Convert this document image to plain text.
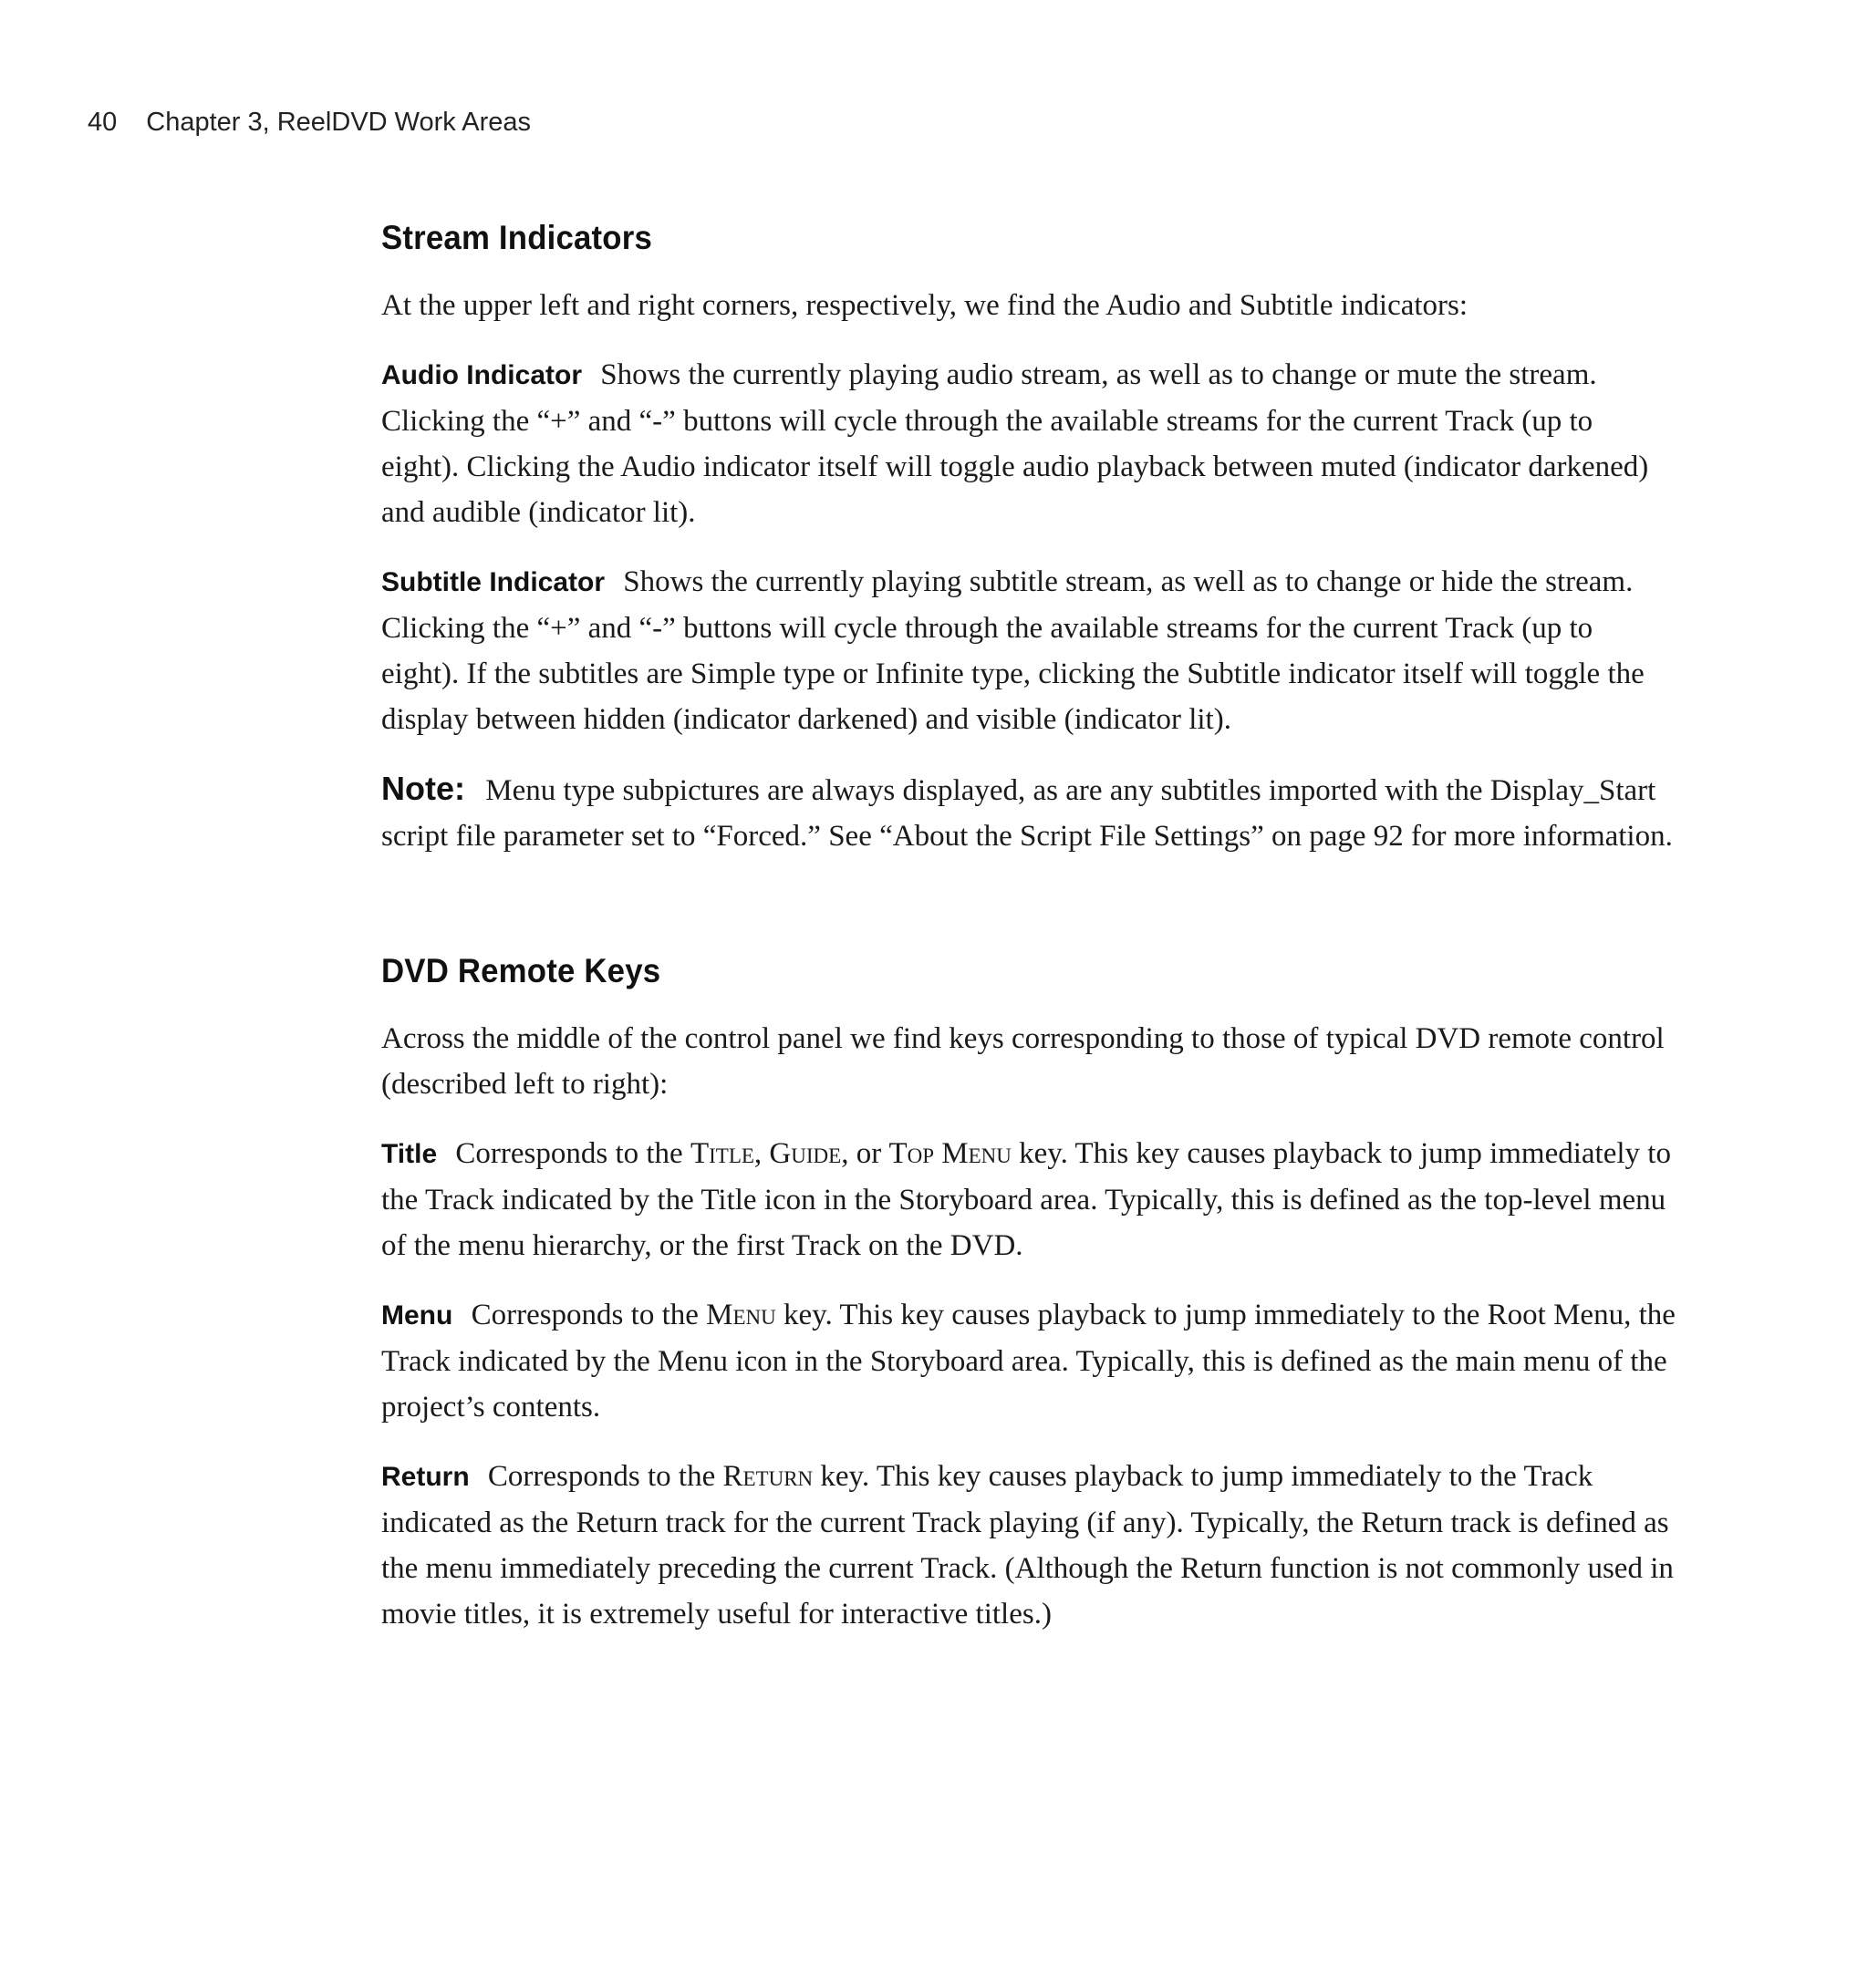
40 Chapter 3, ReelDVD Work Areas
Stream Indicators

At the upper left and right corners, respectively, we find the Audio and Subtitle indicators:

Audio Indicator Shows the currently playing audio stream, as well as to change or mute the stream. Clicking the “+” and “-” buttons will cycle through the available streams for the current Track (up to eight). Clicking the Audio indicator itself will toggle audio playback between muted (indicator darkened) and audible (indicator lit).

Subtitle Indicator Shows the currently playing subtitle stream, as well as to change or hide the stream. Clicking the “+” and “-” buttons will cycle through the available streams for the current Track (up to eight). If the subtitles are Simple type or Infinite type, clicking the Subtitle indicator itself will toggle the display between hidden (indicator darkened) and visible (indicator lit).

Note: Menu type subpictures are always displayed, as are any subtitles imported with the Display_Start script file parameter set to “Forced.” See “About the Script File Settings” on page 92 for more information.

DVD Remote Keys

Across the middle of the control panel we find keys corresponding to those of typical DVD remote control (described left to right):

Title Corresponds to the Title, Guide, or Top Menu key. This key causes playback to jump immediately to the Track indicated by the Title icon in the Storyboard area. Typically, this is defined as the top-level menu of the menu hierarchy, or the first Track on the DVD.

Menu Corresponds to the Menu key. This key causes playback to jump immediately to the Root Menu, the Track indicated by the Menu icon in the Storyboard area. Typically, this is defined as the main menu of the project’s contents.

Return Corresponds to the Return key. This key causes playback to jump immediately to the Track indicated as the Return track for the current Track playing (if any). Typically, the Return track is defined as the menu immediately preceding the current Track. (Although the Return function is not commonly used in movie titles, it is extremely useful for interactive titles.)
